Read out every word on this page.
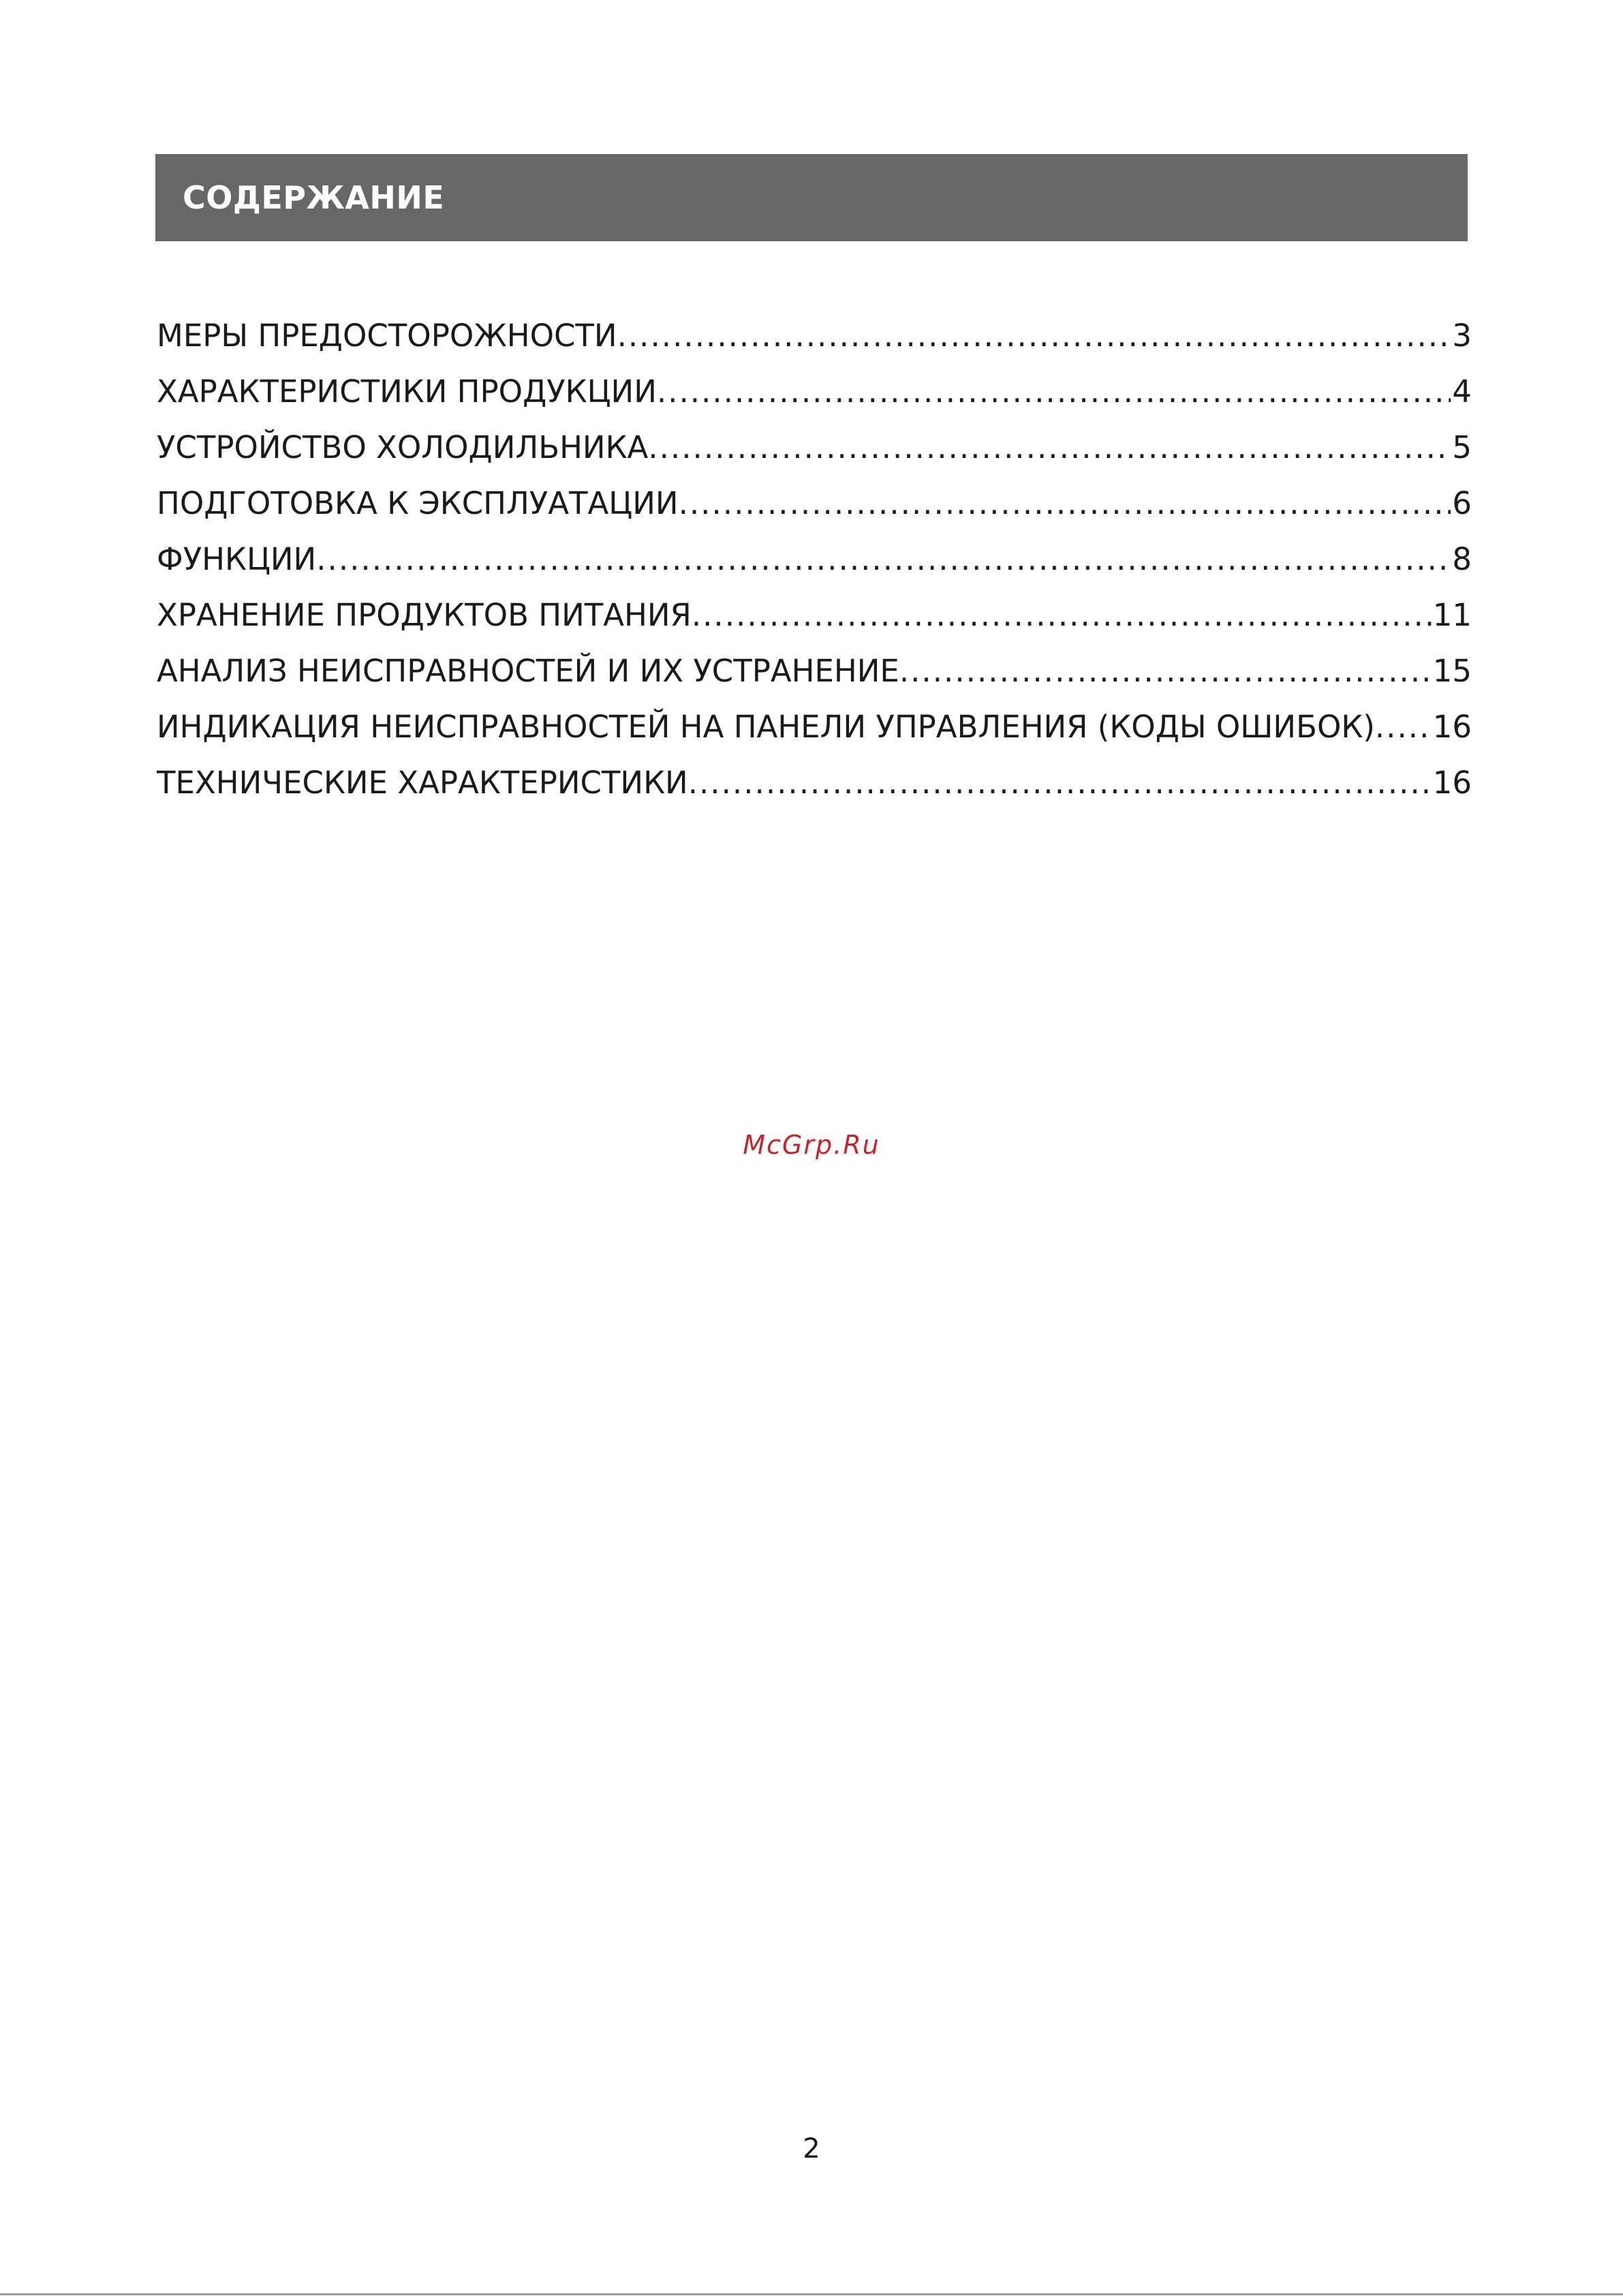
СОДЕРЖАНИЕ
МЕРЫ ПРЕДОСТОРОЖНОСТИ .....	3
ХАРАКТЕРИСТИКИ ПРОДУКЦИИ .....	4
УСТРОЙСТВО ХОЛОДИЛЬНИКА .....	5
ПОДГОТОВКА К ЭКСПЛУАТАЦИИ .....	6
ФУНКЦИИ .....	8
ХРАНЕНИЕ ПРОДУКТОВ ПИТАНИЯ .....	11
АНАЛИЗ НЕИСПРАВНОСТЕЙ И ИХ УСТРАНЕНИЕ .....	15
ИНДИКАЦИЯ НЕИСПРАВНОСТЕЙ НА ПАНЕЛИ УПРАВЛЕНИЯ (КОДЫ ОШИБОК) ..... 16
ТЕХНИЧЕСКИЕ ХАРАКТЕРИСТИКИ .....	16
McGrp.Ru
2
